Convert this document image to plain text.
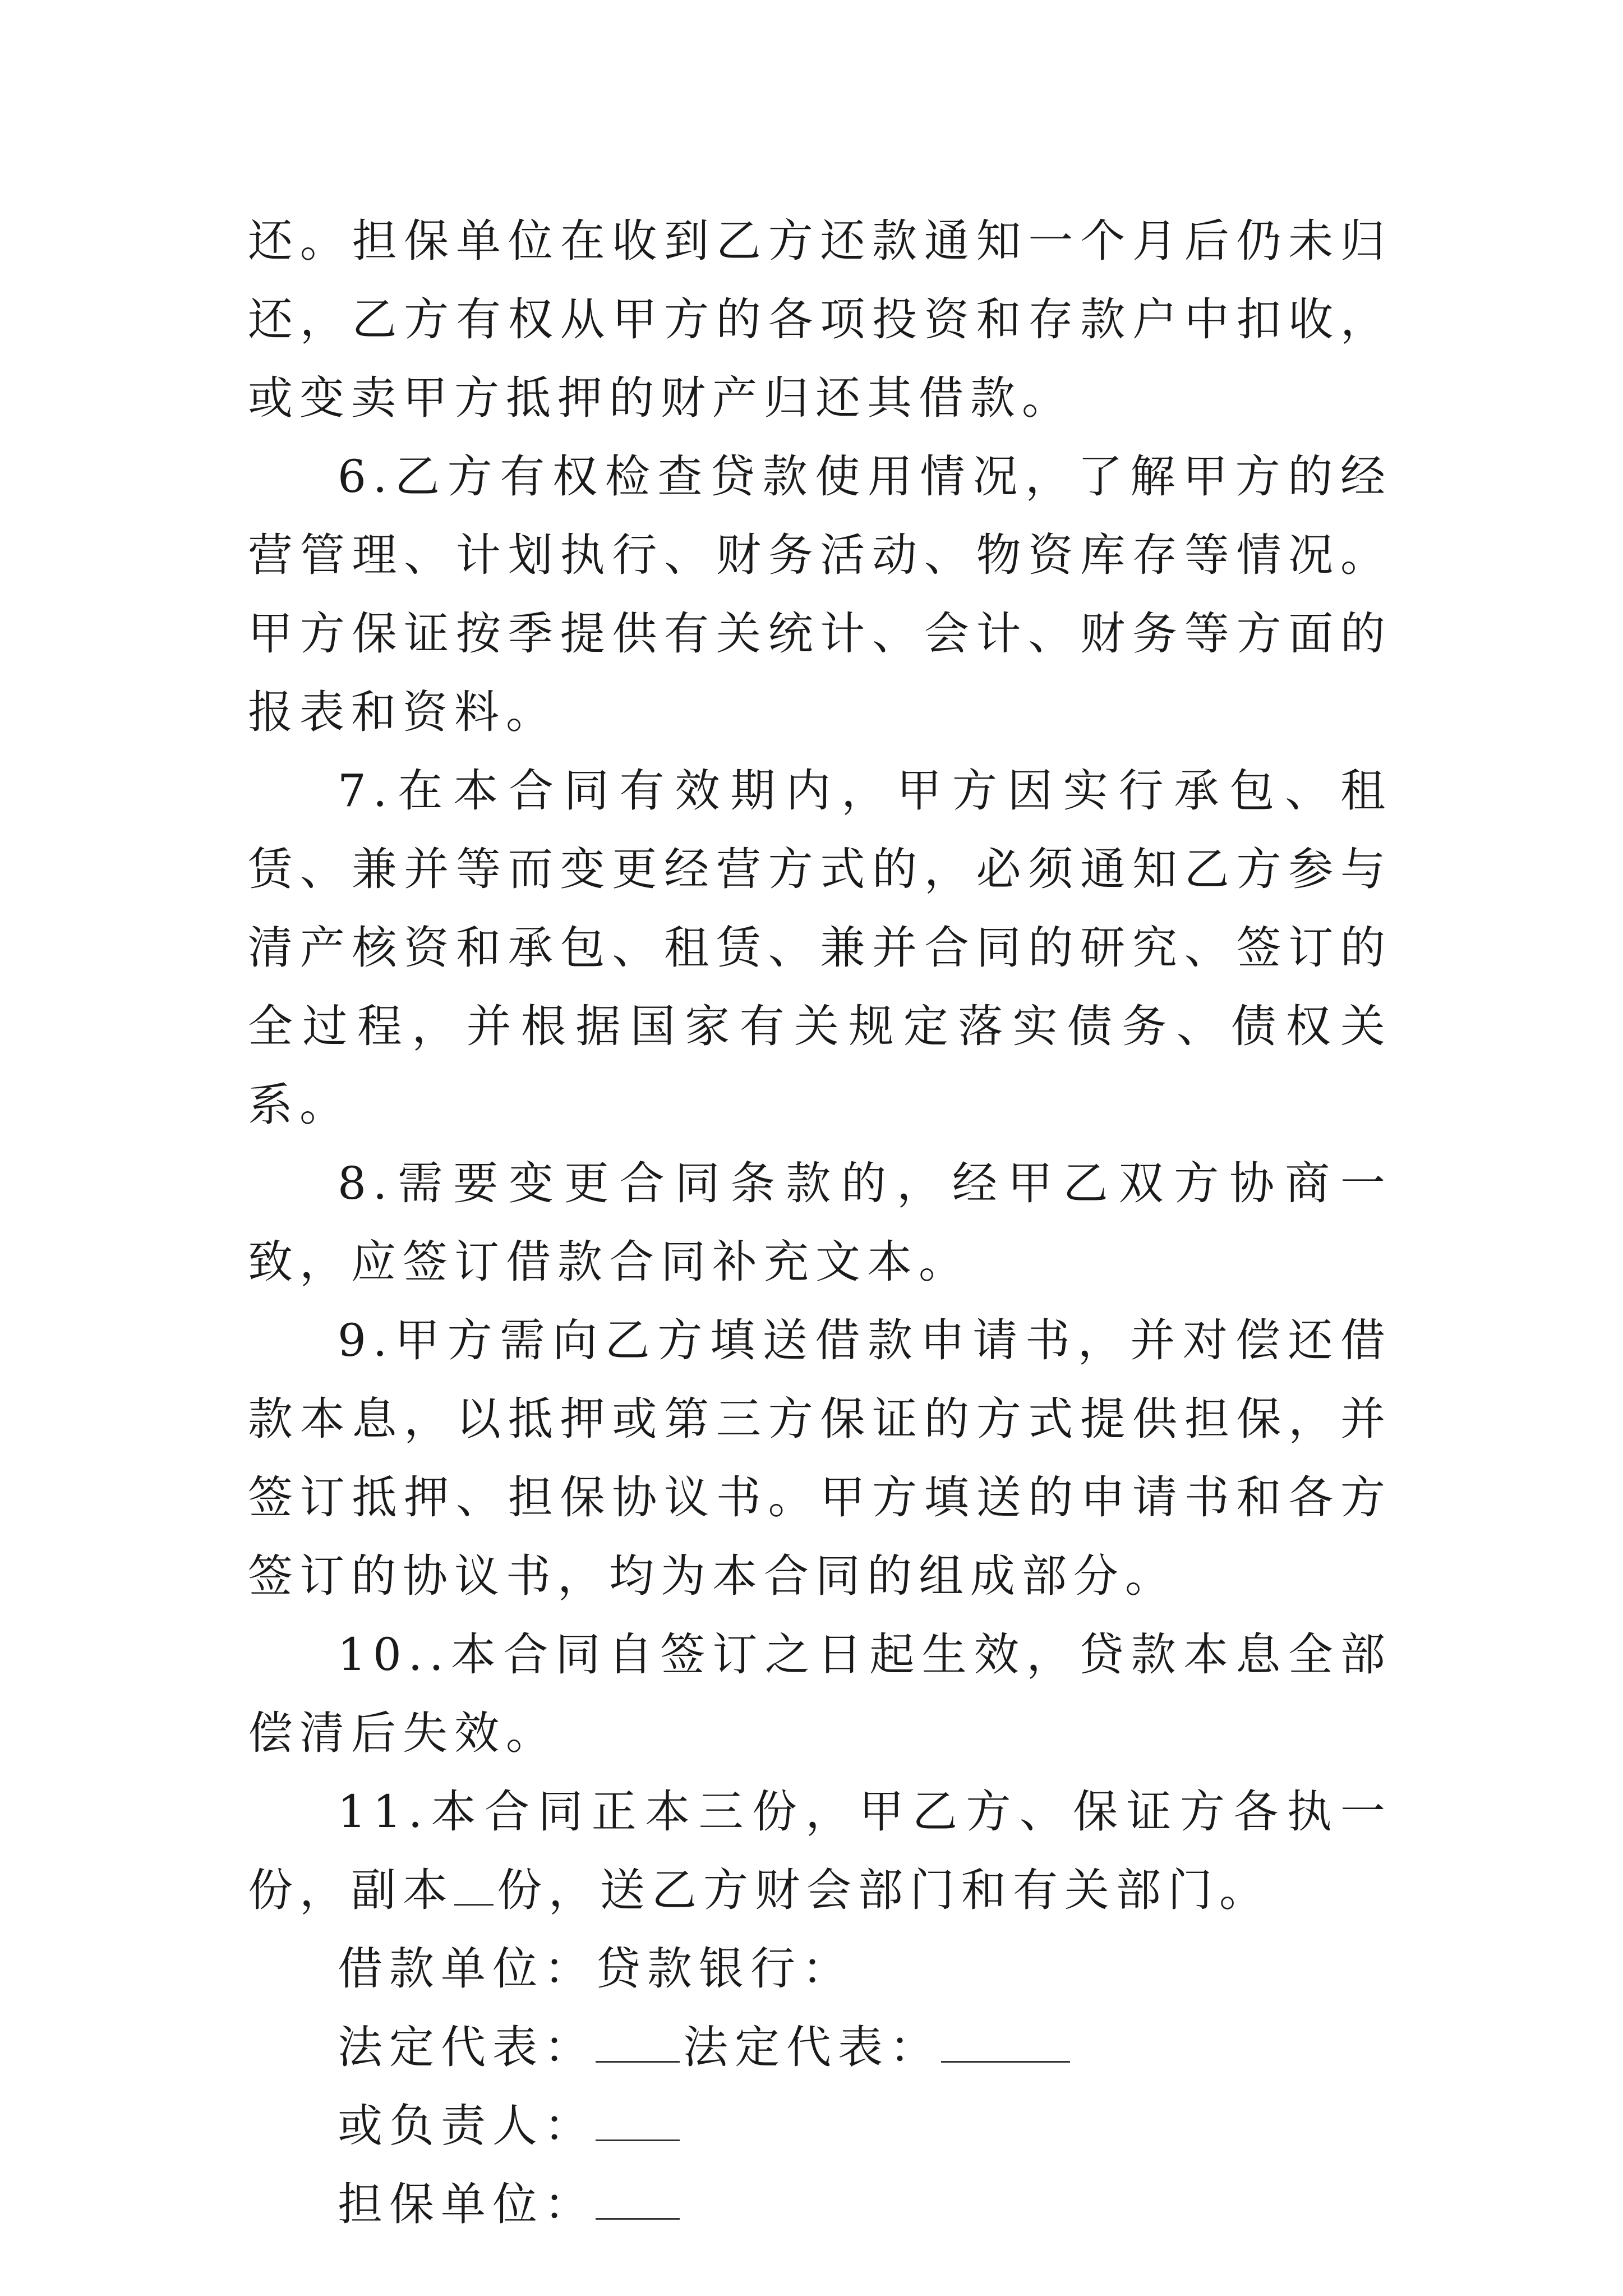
还。担保单位在收到乙方还款通知一个月后仍未归还，乙方有权从甲方的各项投资和存款户中扣收，或变卖甲方抵押的财产归还其借款。

6.乙方有权检查贷款使用情况，了解甲方的经营管理、计划执行、财务活动、物资库存等情况。甲方保证按季提供有关统计、会计、财务等方面的报表和资料。

7.在本合同有效期内，甲方因实行承包、租赁、兼并等而变更经营方式的，必须通知乙方参与清产核资和承包、租赁、兼并合同的研究、签订的全过程，并根据国家有关规定落实债务、债权关系。

8.需要变更合同条款的，经甲乙双方协商一致，应签订借款合同补充文本。

9.甲方需向乙方填送借款申请书，并对偿还借款本息，以抵押或第三方保证的方式提供担保，并签订抵押、担保协议书。甲方填送的申请书和各方签订的协议书，均为本合同的组成部分。

10..本合同自签订之日起生效，贷款本息全部偿清后失效。

11.本合同正本三份，甲乙方、保证方各执一份，副本 份，送乙方财会部门和有关部门。

借款单位：贷款银行：

法定代表： 法定代表：

或负责人：

担保单位：
